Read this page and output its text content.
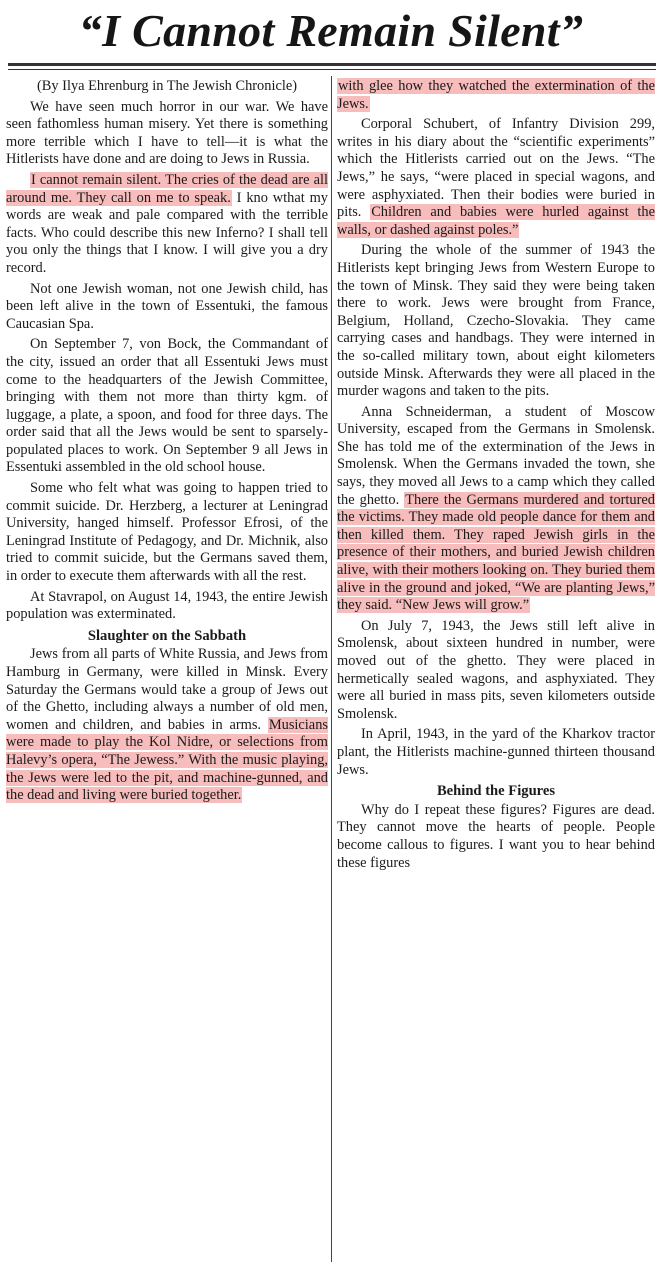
“I Cannot Remain Silent”

(By Ilya Ehrenburg in The Jewish Chronicle)

We have seen much horror in our war. We have seen fathomless human misery. Yet there is something more terrible which I have to tell—it is what the Hitlerists have done and are doing to Jews in Russia.

I cannot remain silent. The cries of the dead are all around me. They call on me to speak. I kno wthat my words are weak and pale compared with the terrible facts. Who could describe this new Inferno? I shall tell you only the things that I know. I will give you a dry record.

Not one Jewish woman, not one Jewish child, has been left alive in the town of Essentuki, the famous Caucasian Spa.

On September 7, von Bock, the Commandant of the city, issued an order that all Essentuki Jews must come to the headquarters of the Jewish Committee, bringing with them not more than thirty kgm. of luggage, a plate, a spoon, and food for three days. The order said that all the Jews would be sent to sparsely-populated places to work. On September 9 all Jews in Essentuki assembled in the old school house.

Some who felt what was going to happen tried to commit suicide. Dr. Herzberg, a lecturer at Leningrad University, hanged himself. Professor Efrosi, of the Leningrad Institute of Pedagogy, and Dr. Michnik, also tried to commit suicide, but the Germans saved them, in order to execute them afterwards with all the rest.

At Stavrapol, on August 14, 1943, the entire Jewish population was exterminated.

Slaughter on the Sabbath

Jews from all parts of White Russia, and Jews from Hamburg in Germany, were killed in Minsk. Every Saturday the Germans would take a group of Jews out of the Ghetto, including always a number of old men, women and children, and babies in arms. Musicians were made to play the Kol Nidre, or selections from Halevy’s opera, “The Jewess.” With the music playing, the Jews were led to the pit, and machine-gunned, and the dead and living were buried together.

with glee how they watched the extermination of the Jews.

Corporal Schubert, of Infantry Division 299, writes in his diary about the “scientific experiments” which the Hitlerists carried out on the Jews. “The Jews,” he says, “were placed in special wagons, and were asphyxiated. Then their bodies were buried in pits. Children and babies were hurled against the walls, or dashed against poles.”

During the whole of the summer of 1943 the Hitlerists kept bringing Jews from Western Europe to the town of Minsk. They said they were being taken there to work. Jews were brought from France, Belgium, Holland, Czecho-Slovakia. They came carrying cases and handbags. They were interned in the so-called military town, about eight kilometers outside Minsk. Afterwards they were all placed in the murder wagons and taken to the pits.

Anna Schneiderman, a student of Moscow University, escaped from the Germans in Smolensk. She has told me of the extermination of the Jews in Smolensk. When the Germans invaded the town, she says, they moved all Jews to a camp which they called the ghetto. There the Germans murdered and tortured the victims. They made old people dance for them and then killed them. They raped Jewish girls in the presence of their mothers, and buried Jewish children alive, with their mothers looking on. They buried them alive in the ground and joked, “We are planting Jews,” they said. “New Jews will grow.”

On July 7, 1943, the Jews still left alive in Smolensk, about sixteen hundred in number, were moved out of the ghetto. They were placed in hermetically sealed wagons, and asphyxiated. They were all buried in mass pits, seven kilometers outside Smolensk.

In April, 1943, in the yard of the Kharkov tractor plant, the Hitlerists machine-gunned thirteen thousand Jews.

Behind the Figures

Why do I repeat these figures? Figures are dead. They cannot move the hearts of people. People become callous to figures. I want you to hear behind these figures
